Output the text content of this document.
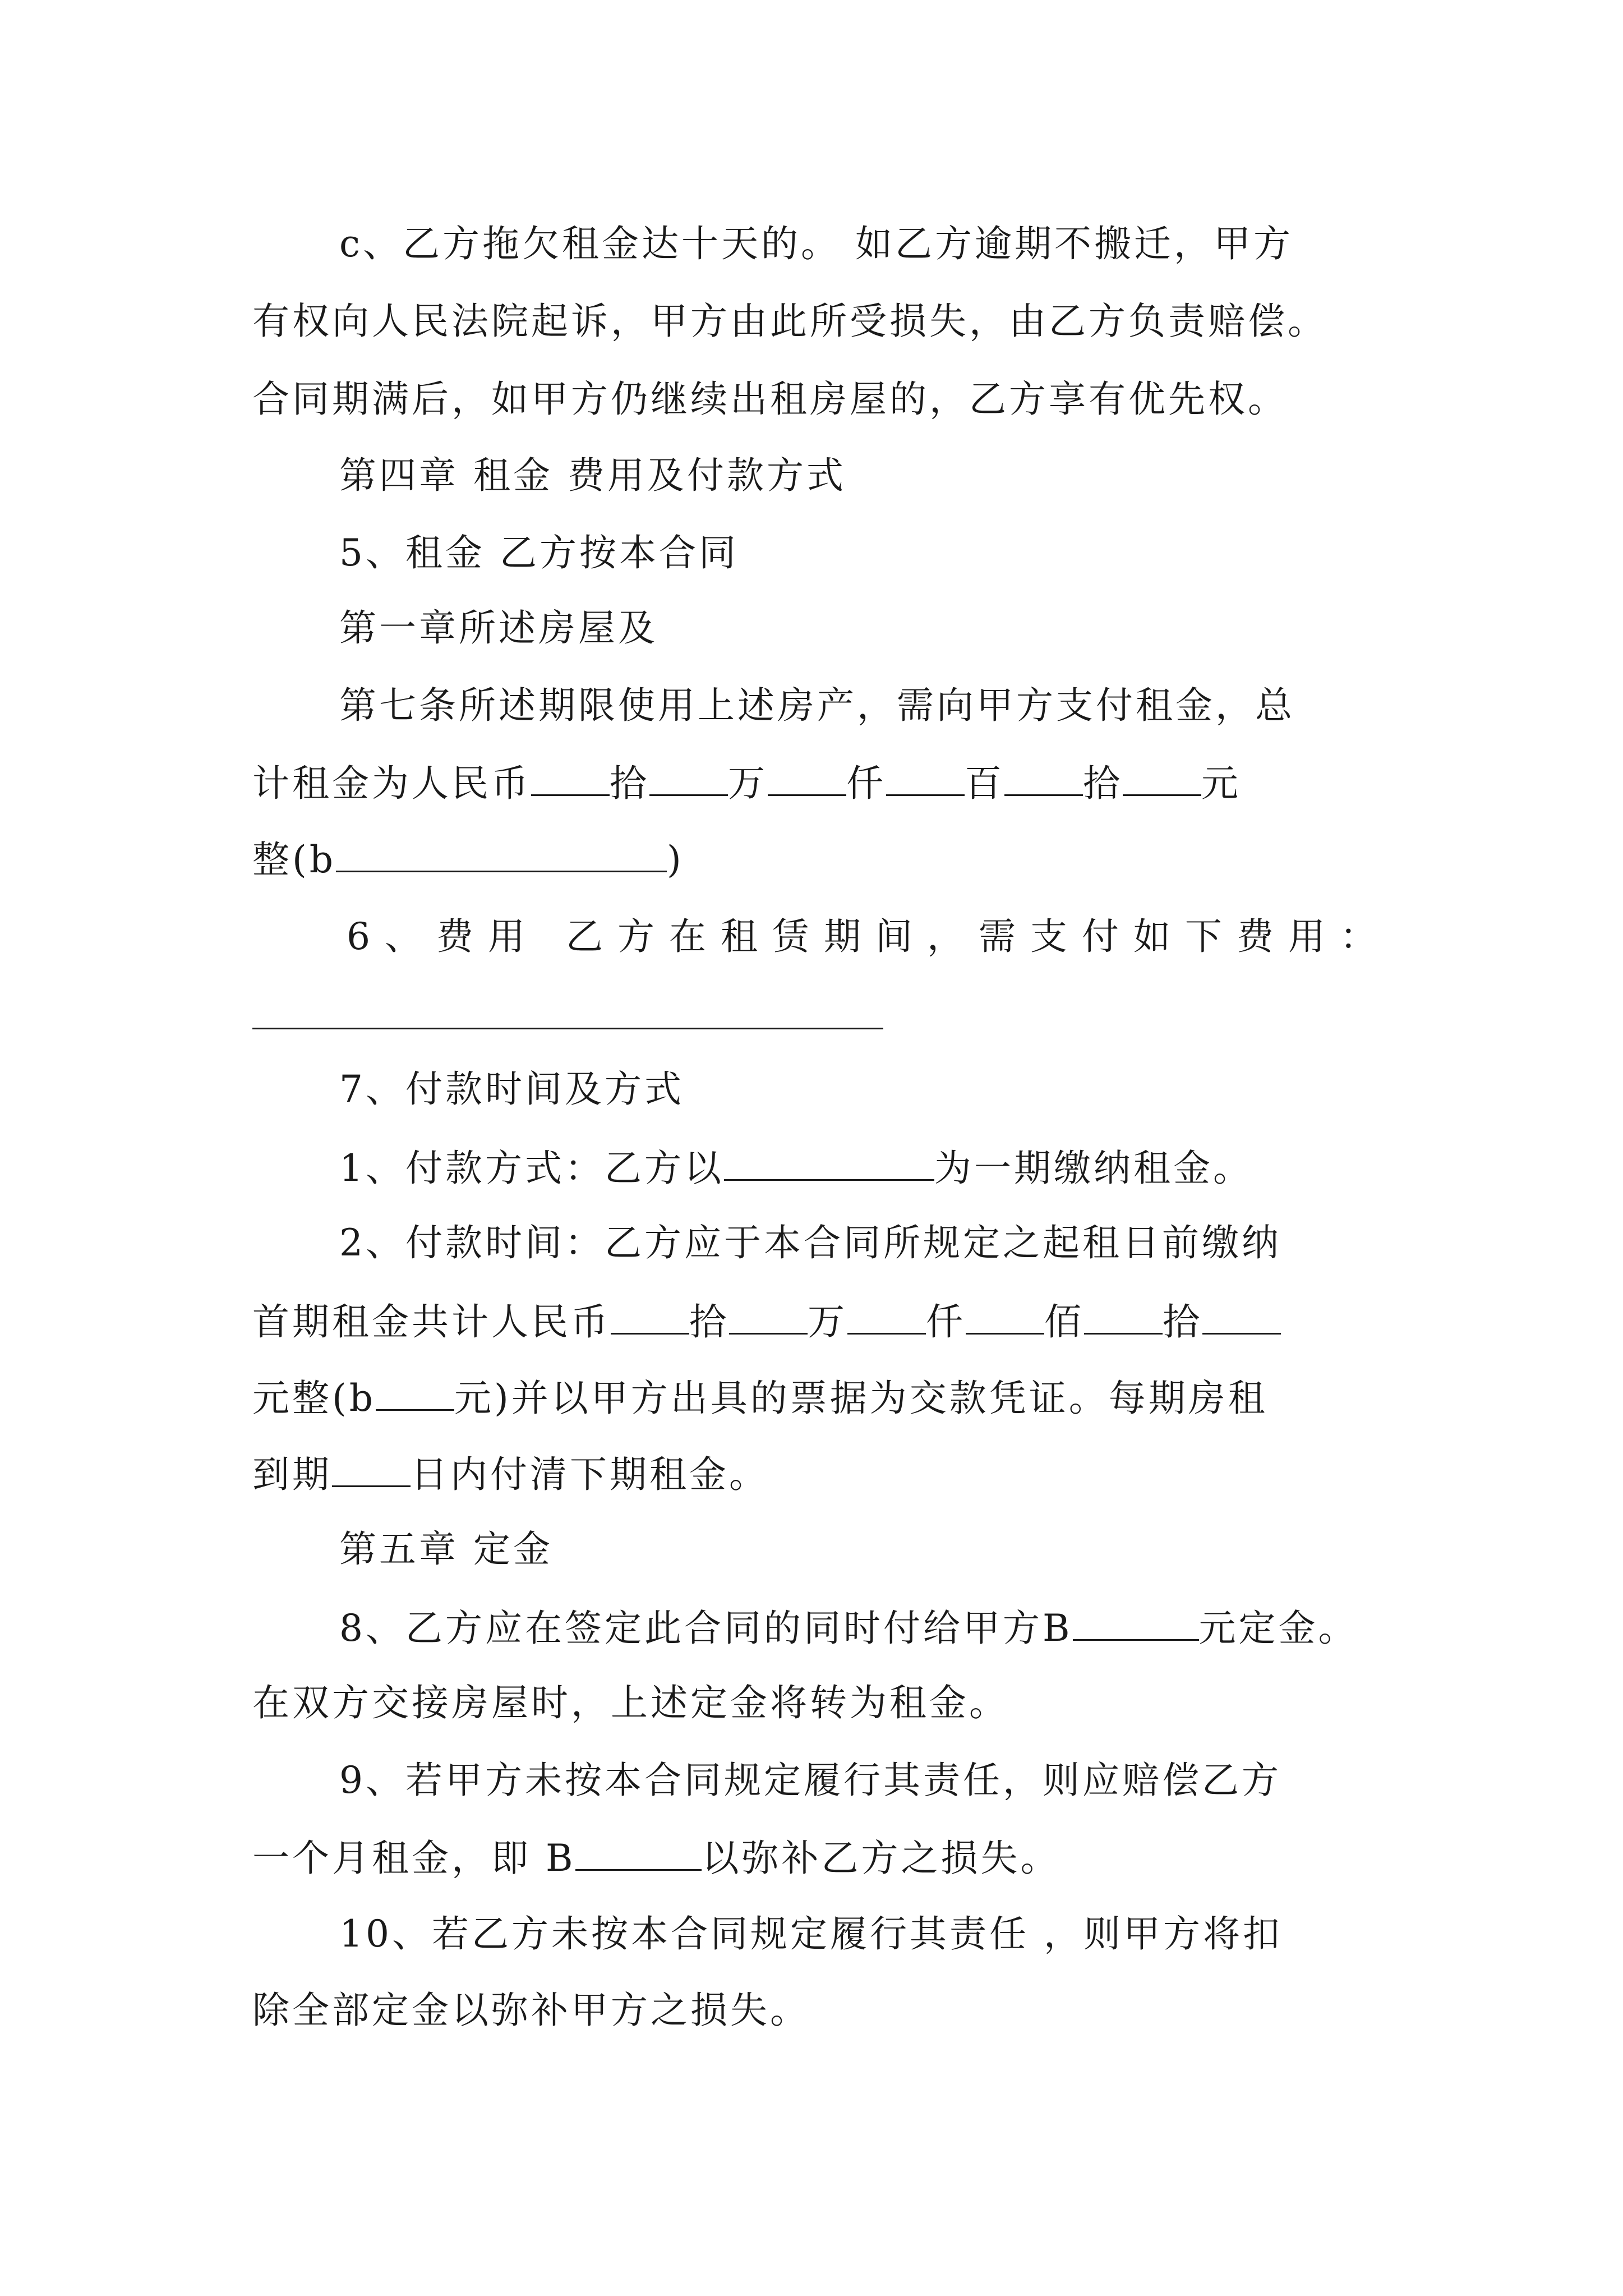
c、乙方拖欠租金达十天的。 如乙方逾期不搬迁，甲方
有权向人民法院起诉，甲方由此所受损失，由乙方负责赔偿。
合同期满后，如甲方仍继续出租房屋的，乙方享有优先权。
第四章 租金 费用及付款方式
5、租金 乙方按本合同
第一章所述房屋及
第七条所述期限使用上述房产，需向甲方支付租金，总
计租金为人民币 拾 万 仟 百 拾 元
整(b	)
6、费用 乙方在租赁期间，需支付如下费用：
7、付款时间及方式
1、付款方式：乙方以	为一期缴纳租金。
2、付款时间：乙方应于本合同所规定之起租日前缴纳
首期租金共计人民币 拾 万 仟 佰 拾
元整(b 元)并以甲方出具的票据为交款凭证。每期房租
到期 日内付清下期租金。
第五章 定金
8、乙方应在签定此合同的同时付给甲方B	元定金。
在双方交接房屋时，上述定金将转为租金。
9、若甲方未按本合同规定履行其责任，则应赔偿乙方
一个月租金，即 B	以弥补乙方之损失。
10、若乙方未按本合同规定履行其责任 ，则甲方将扣
除全部定金以弥补甲方之损失。
